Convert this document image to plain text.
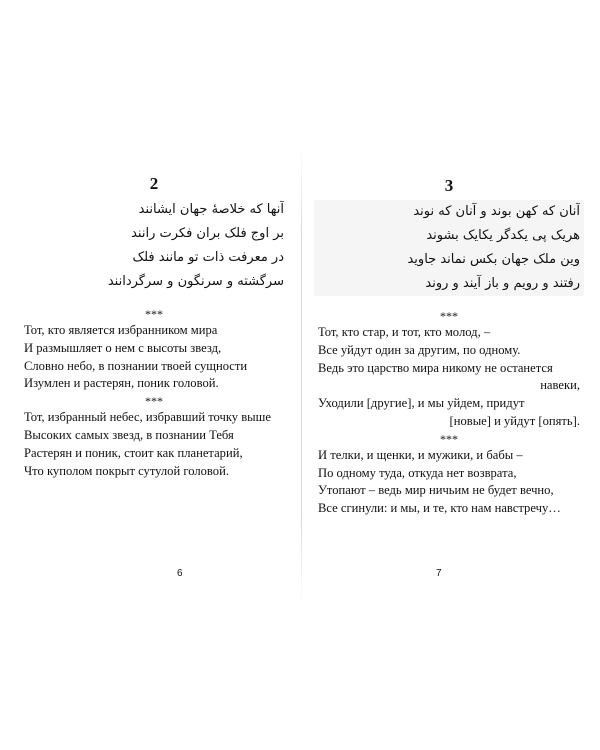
2

آنها که خلاصهٔ جهان ایشانند
بر اوج فلک بران فکرت رانند
در معرفت ذات تو مانند فلک
سرگشته و سرنگون و سرگردانند

***

Тот, кто является избранником мира
И размышляет о нем с высоты звезд,
Словно небо, в познании твоей сущности
Изумлен и растерян, поник головой.

***

Тот, избранный небес, избравший точку выше
Высоких самых звезд, в познании Тебя
Растерян и поник, стоит как планетарий,
Что куполом покрыт сутулой головой.

3

آنان که کهن بوند و آنان که نوند
هریک پی یکدگر یکایک بشوند
وین ملک جهان بکس نماند جاوید
رفتند و رویم و باز آیند و روند

***

Тот, кто стар, и тот, кто молод, –
Все уйдут один за другим, по одному.
Ведь это царство мира никому не останется
навеки,
Уходили [другие], и мы уйдем, придут
[новые] и уйдут [опять].

***

И телки, и щенки, и мужики, и бабы –
По одному туда, откуда нет возврата,
Утопают – ведь мир ничьим не будет вечно,
Все сгинули: и мы, и те, кто нам навстречу…
6	7
